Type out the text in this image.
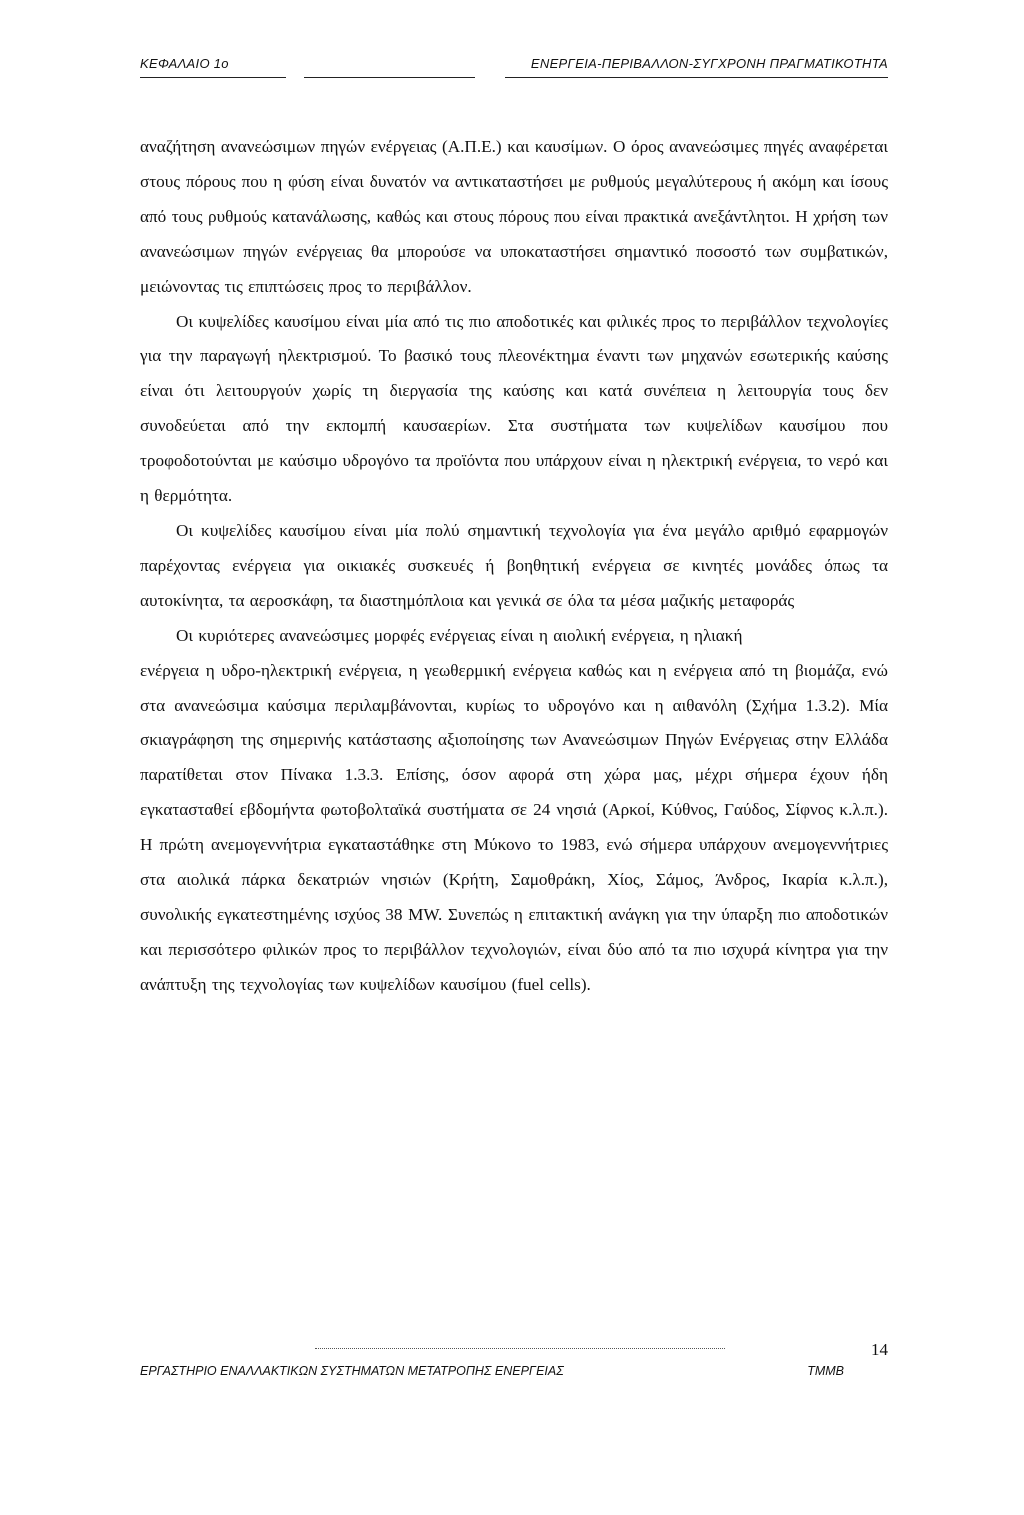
ΚΕΦΑΛΑΙΟ 1ο	ΕΝΕΡΓΕΙΑ-ΠΕΡΙΒΑΛΛΟΝ-ΣΥΓΧΡΟΝΗ ΠΡΑΓΜΑΤΙΚΟΤΗΤΑ

αναζήτηση ανανεώσιμων πηγών ενέργειας (Α.Π.Ε.) και καυσίμων. Ο όρος ανανεώσιμες πηγές αναφέρεται στους πόρους που η φύση είναι δυνατόν να αντικαταστήσει με ρυθμούς μεγαλύτερους ή ακόμη και ίσους από τους ρυθμούς κατανάλωσης, καθώς και στους πόρους που είναι πρακτικά ανεξάντλητοι. Η χρήση των ανανεώσιμων πηγών ενέργειας θα μπορούσε να υποκαταστήσει σημαντικό ποσοστό των συμβατικών, μειώνοντας τις επιπτώσεις προς το περιβάλλον.

Οι κυψελίδες καυσίμου είναι μία από τις πιο αποδοτικές και φιλικές προς το περιβάλλον τεχνολογίες για την παραγωγή ηλεκτρισμού. Το βασικό τους πλεονέκτημα έναντι των μηχανών εσωτερικής καύσης είναι ότι λειτουργούν χωρίς τη διεργασία της καύσης και κατά συνέπεια η λειτουργία τους δεν συνοδεύεται από την εκπομπή καυσαερίων. Στα συστήματα των κυψελίδων καυσίμου που τροφοδοτούνται με καύσιμο υδρογόνο τα προϊόντα που υπάρχουν είναι η ηλεκτρική ενέργεια, το νερό και η θερμότητα.

Οι κυψελίδες καυσίμου είναι μία πολύ σημαντική τεχνολογία για ένα μεγάλο αριθμό εφαρμογών παρέχοντας ενέργεια για οικιακές συσκευές ή βοηθητική ενέργεια σε κινητές μονάδες όπως τα αυτοκίνητα, τα αεροσκάφη, τα διαστημόπλοια και γενικά σε όλα τα μέσα μαζικής μεταφοράς

Οι κυριότερες ανανεώσιμες μορφές ενέργειας είναι η αιολική ενέργεια, η ηλιακή

ενέργεια η υδρο-ηλεκτρική ενέργεια, η γεωθερμική ενέργεια καθώς και η ενέργεια από τη βιομάζα, ενώ στα ανανεώσιμα καύσιμα περιλαμβάνονται, κυρίως το υδρογόνο και η αιθανόλη (Σχήμα 1.3.2). Μία σκιαγράφηση της σημερινής κατάστασης αξιοποίησης των Ανανεώσιμων Πηγών Ενέργειας στην Ελλάδα παρατίθεται στον Πίνακα 1.3.3. Επίσης, όσον αφορά στη χώρα μας, μέχρι σήμερα έχουν ήδη εγκατασταθεί εβδομήντα φωτοβολταϊκά συστήματα σε 24 νησιά (Αρκοί, Κύθνος, Γαύδος, Σίφνος κ.λ.π.). Η πρώτη ανεμογεννήτρια εγκαταστάθηκε στη Μύκονο το 1983, ενώ σήμερα υπάρχουν ανεμογεννήτριες στα αιολικά πάρκα δεκατριών νησιών (Κρήτη, Σαμοθράκη, Χίος, Σάμος, Άνδρος, Ικαρία κ.λ.π.), συνολικής εγκατεστημένης ισχύος 38 MW. Συνεπώς η επιτακτική ανάγκη για την ύπαρξη πιο αποδοτικών και περισσότερο φιλικών προς το περιβάλλον τεχνολογιών, είναι δύο από τα πιο ισχυρά κίνητρα για την ανάπτυξη της τεχνολογίας των κυψελίδων καυσίμου (fuel cells).

14
ΕΡΓΑΣΤΗΡΙΟ ΕΝΑΛΛΑΚΤΙΚΩΝ ΣΥΣΤΗΜΑΤΩΝ ΜΕΤΑΤΡΟΠΗΣ ΕΝΕΡΓΕΙΑΣ	ΤΜΜΒ
